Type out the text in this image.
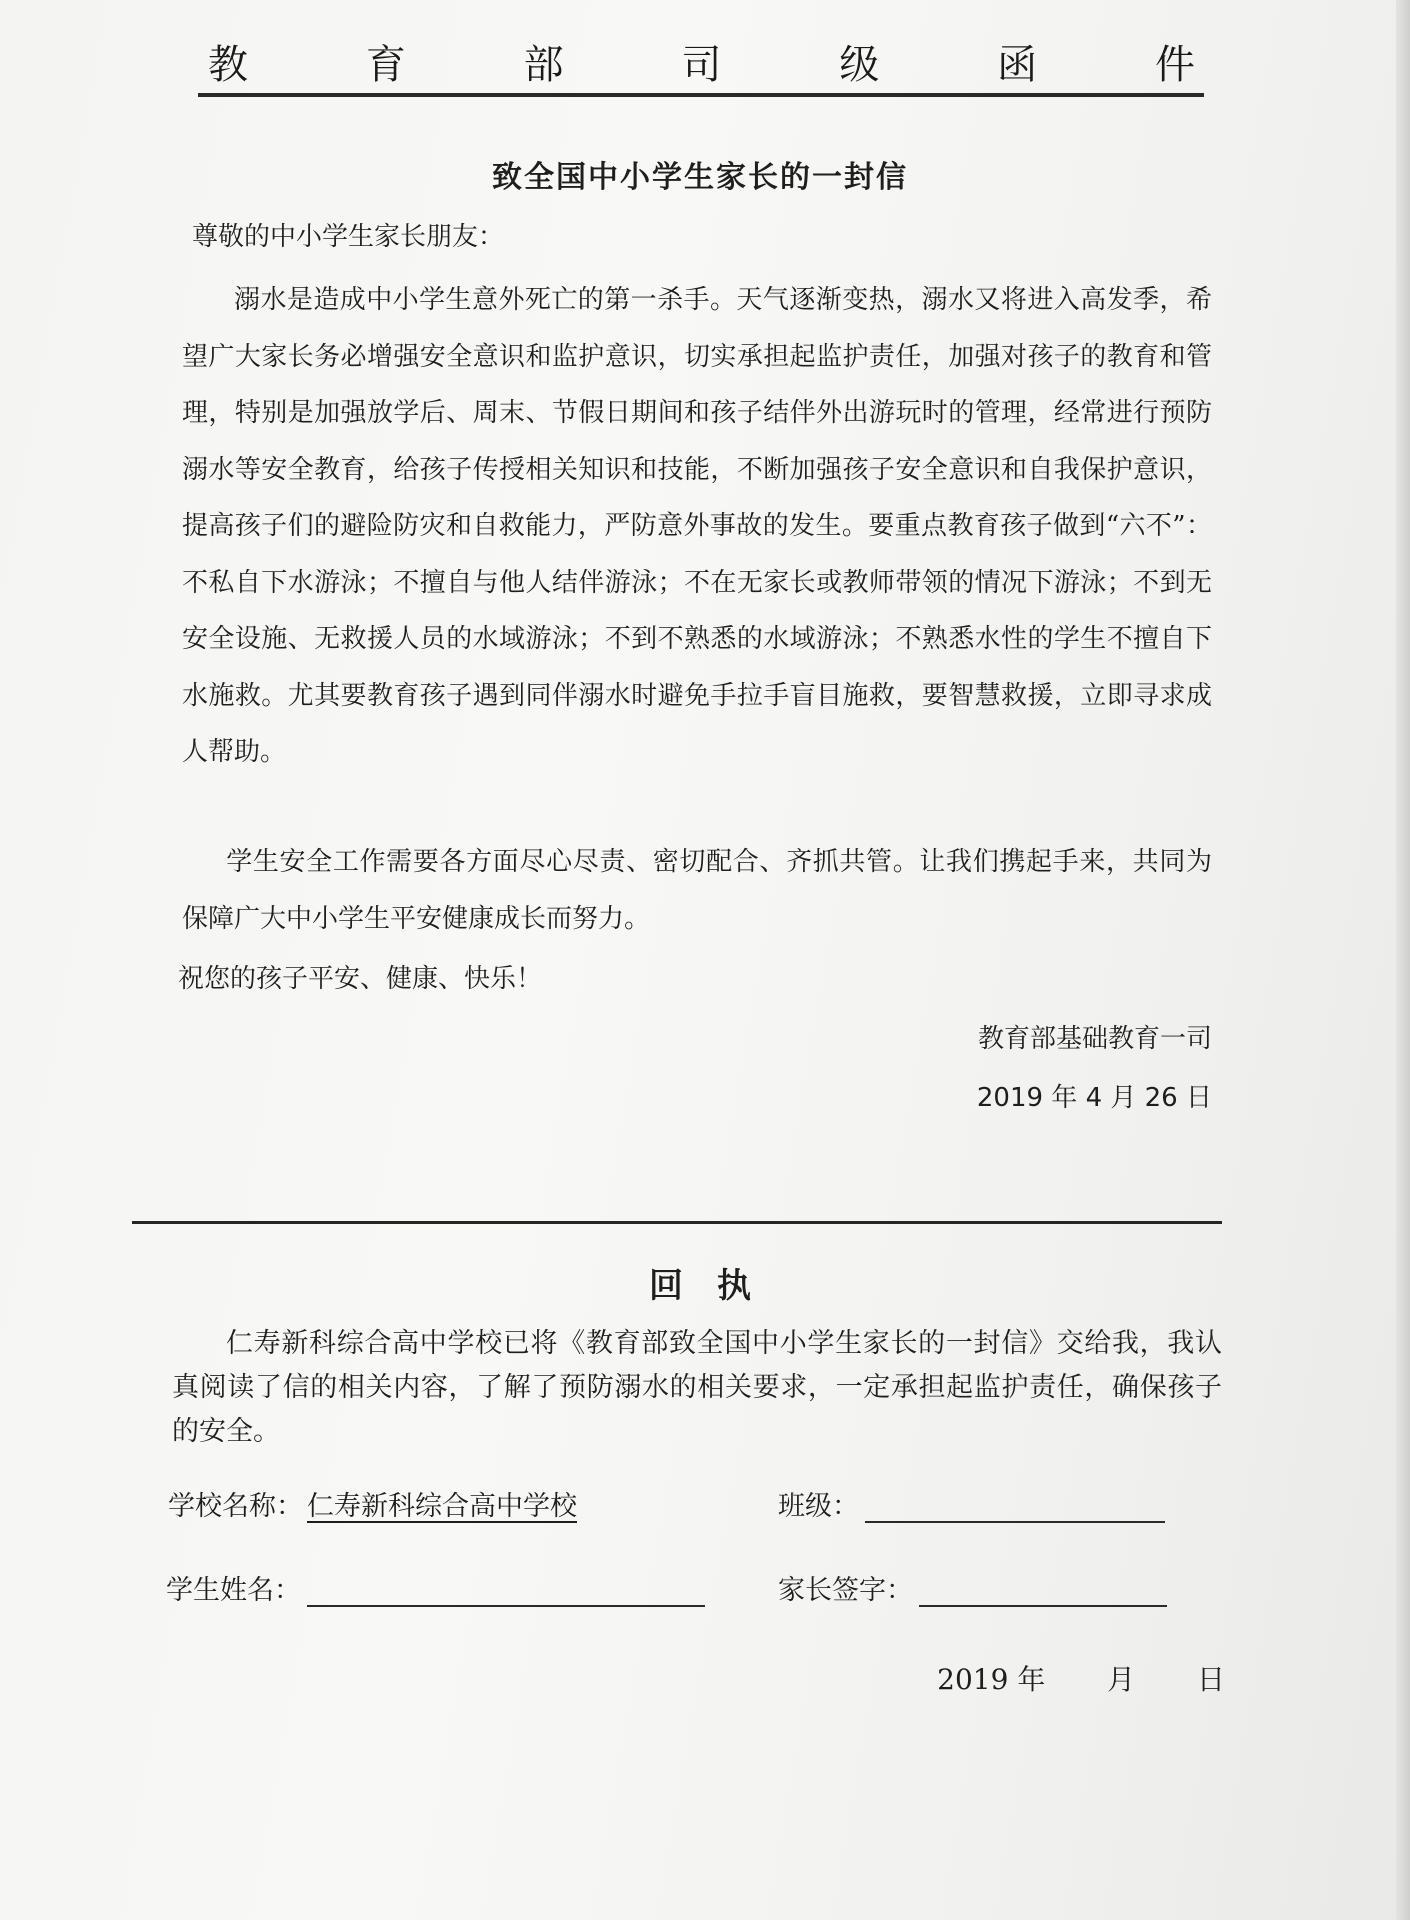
教	育	部	司	级	函	件
致全国中小学生家长的一封信
尊敬的中小学生家长朋友：

溺水是造成中小学生意外死亡的第一杀手。天气逐渐变热，溺水又将进入高发季，希望广大家长务必增强安全意识和监护意识，切实承担起监护责任，加强对孩子的教育和管理，特别是加强放学后、周末、节假日期间和孩子结伴外出游玩时的管理，经常进行预防溺水等安全教育，给孩子传授相关知识和技能，不断加强孩子安全意识和自我保护意识，提高孩子们的避险防灾和自救能力，严防意外事故的发生。要重点教育孩子做到“六不”：不私自下水游泳；不擅自与他人结伴游泳；不在无家长或教师带领的情况下游泳；不到无安全设施、无救援人员的水域游泳；不到不熟悉的水域游泳；不熟悉水性的学生不擅自下水施救。尤其要教育孩子遇到同伴溺水时避免手拉手盲目施救，要智慧救援，立即寻求成人帮助。

学生安全工作需要各方面尽心尽责、密切配合、齐抓共管。让我们携起手来，共同为保障广大中小学生平安健康成长而努力。

祝您的孩子平安、健康、快乐！
教育部基础教育一司
2019 年 4 月 26 日
回执

仁寿新科综合高中学校已将《教育部致全国中小学生家长的一封信》交给我，我认真阅读了信的相关内容，了解了预防溺水的相关要求，一定承担起监护责任，确保孩子的安全。

学校名称： 仁寿新科综合高中学校	班级：
学生姓名：	家长签字：
2019 年 月 日
